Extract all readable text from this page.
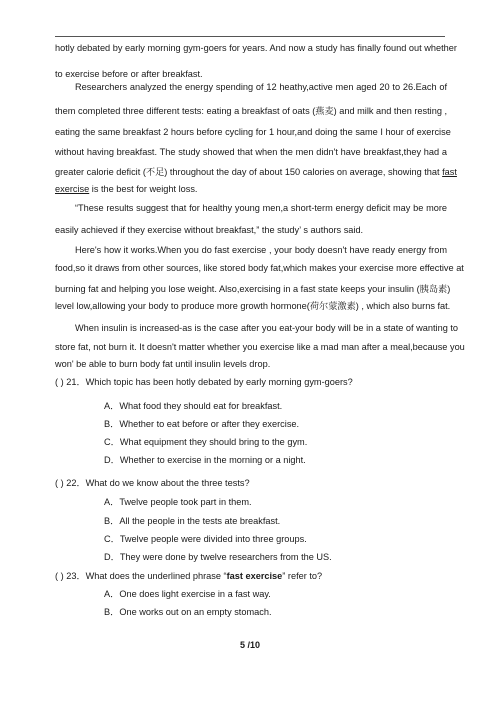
hotly debated by early morning gym-goers for years. And now a study has finally found out whether
to exercise before or after breakfast.
Researchers analyzed the energy spending of 12 heathy,active men aged 20 to 26.Each of
them completed three different tests: eating a breakfast of oats (燕麦) and milk and then resting ,
eating the same breakfast 2 hours before cycling for 1 hour,and doing the same I hour of exercise
without having breakfast. The study showed that when the men didn't have breakfast,they had a
greater calorie deficit (不足) throughout the day of about 150 calories on average, showing that fast
exercise is the best for weight loss.
“These results suggest that for healthy young men,a short-term energy deficit may be more
easily achieved if they exercise without breakfast,” the study’ s authors said.
Here's how it works.When you do fast exercise , your body doesn't have ready energy from
food,so it draws from other sources, like stored body fat,which makes your exercise more effective at
burning fat and helping you lose weight. Also,exercising in a fast state keeps your insulin (胰岛素)
level low,allowing your body to produce more growth hormone(荷尔蒙激素) , which also burns fat.
When insulin is increased-as is the case after you eat-your body will be in a state of wanting to
store fat, not burn it. It doesn't matter whether you exercise like a mad man after a meal,because you
won' be able to burn body fat until insulin levels drop.
( ) 21．Which topic has been hotly debated by early morning gym-goers?
A．What food they should eat for breakfast.
B．Whether to eat before or after they exercise.
C．What equipment they should bring to the gym.
D．Whether to exercise in the morning or a night.
( ) 22．What do we know about the three tests?
A．Twelve people took part in them.
B．All the people in the tests ate breakfast.
C．Twelve people were divided into three groups.
D．They were done by twelve researchers from the US.
( ) 23．What does the underlined phrase “fast exercise” refer to?
A．One does light exercise in a fast way.
B．One works out on an empty stomach.
5 /10
